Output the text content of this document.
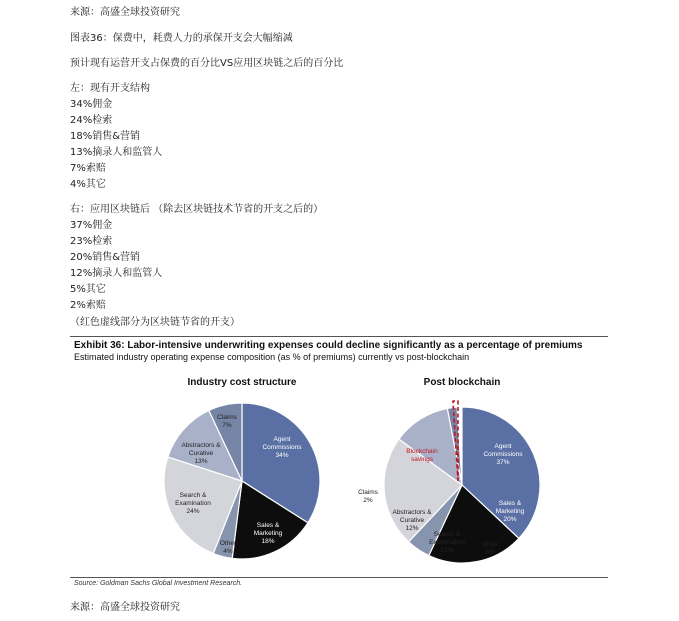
来源：高盛全球投资研究
图表36：保费中，耗费人力的承保开支会大幅缩减
预计现有运营开支占保费的百分比VS应用区块链之后的百分比
左：现有开支结构
34%佣金
24%检索
18%销售&营销
13%摘录人和监管人
7%索赔
4%其它
右：应用区块链后 （除去区块链技术节省的开支之后的）
37%佣金
23%检索
20%销售&营销
12%摘录人和监管人
5%其它
2%索赔
（红色虚线部分为区块链节省的开支）
Exhibit 36: Labor-intensive underwriting expenses could decline significantly as a percentage of premiums
Estimated industry operating expense composition (as % of premiums) currently vs post-blockchain
Industry cost structure
Agent Commissions 34%
Sales & Marketing 18%
Other 4%
Search & Examination 24%
Abstractors & Curative 13%
Claims 7%
Post blockchain
Agent Commissions 37%
Sales & Marketing 20%
Other 5%
Search & Examination 23%
Abstractors & Curative 12%
Claims 2%
Blockchain savings
Source: Goldman Sachs Global Investment Research.
来源：高盛全球投资研究
